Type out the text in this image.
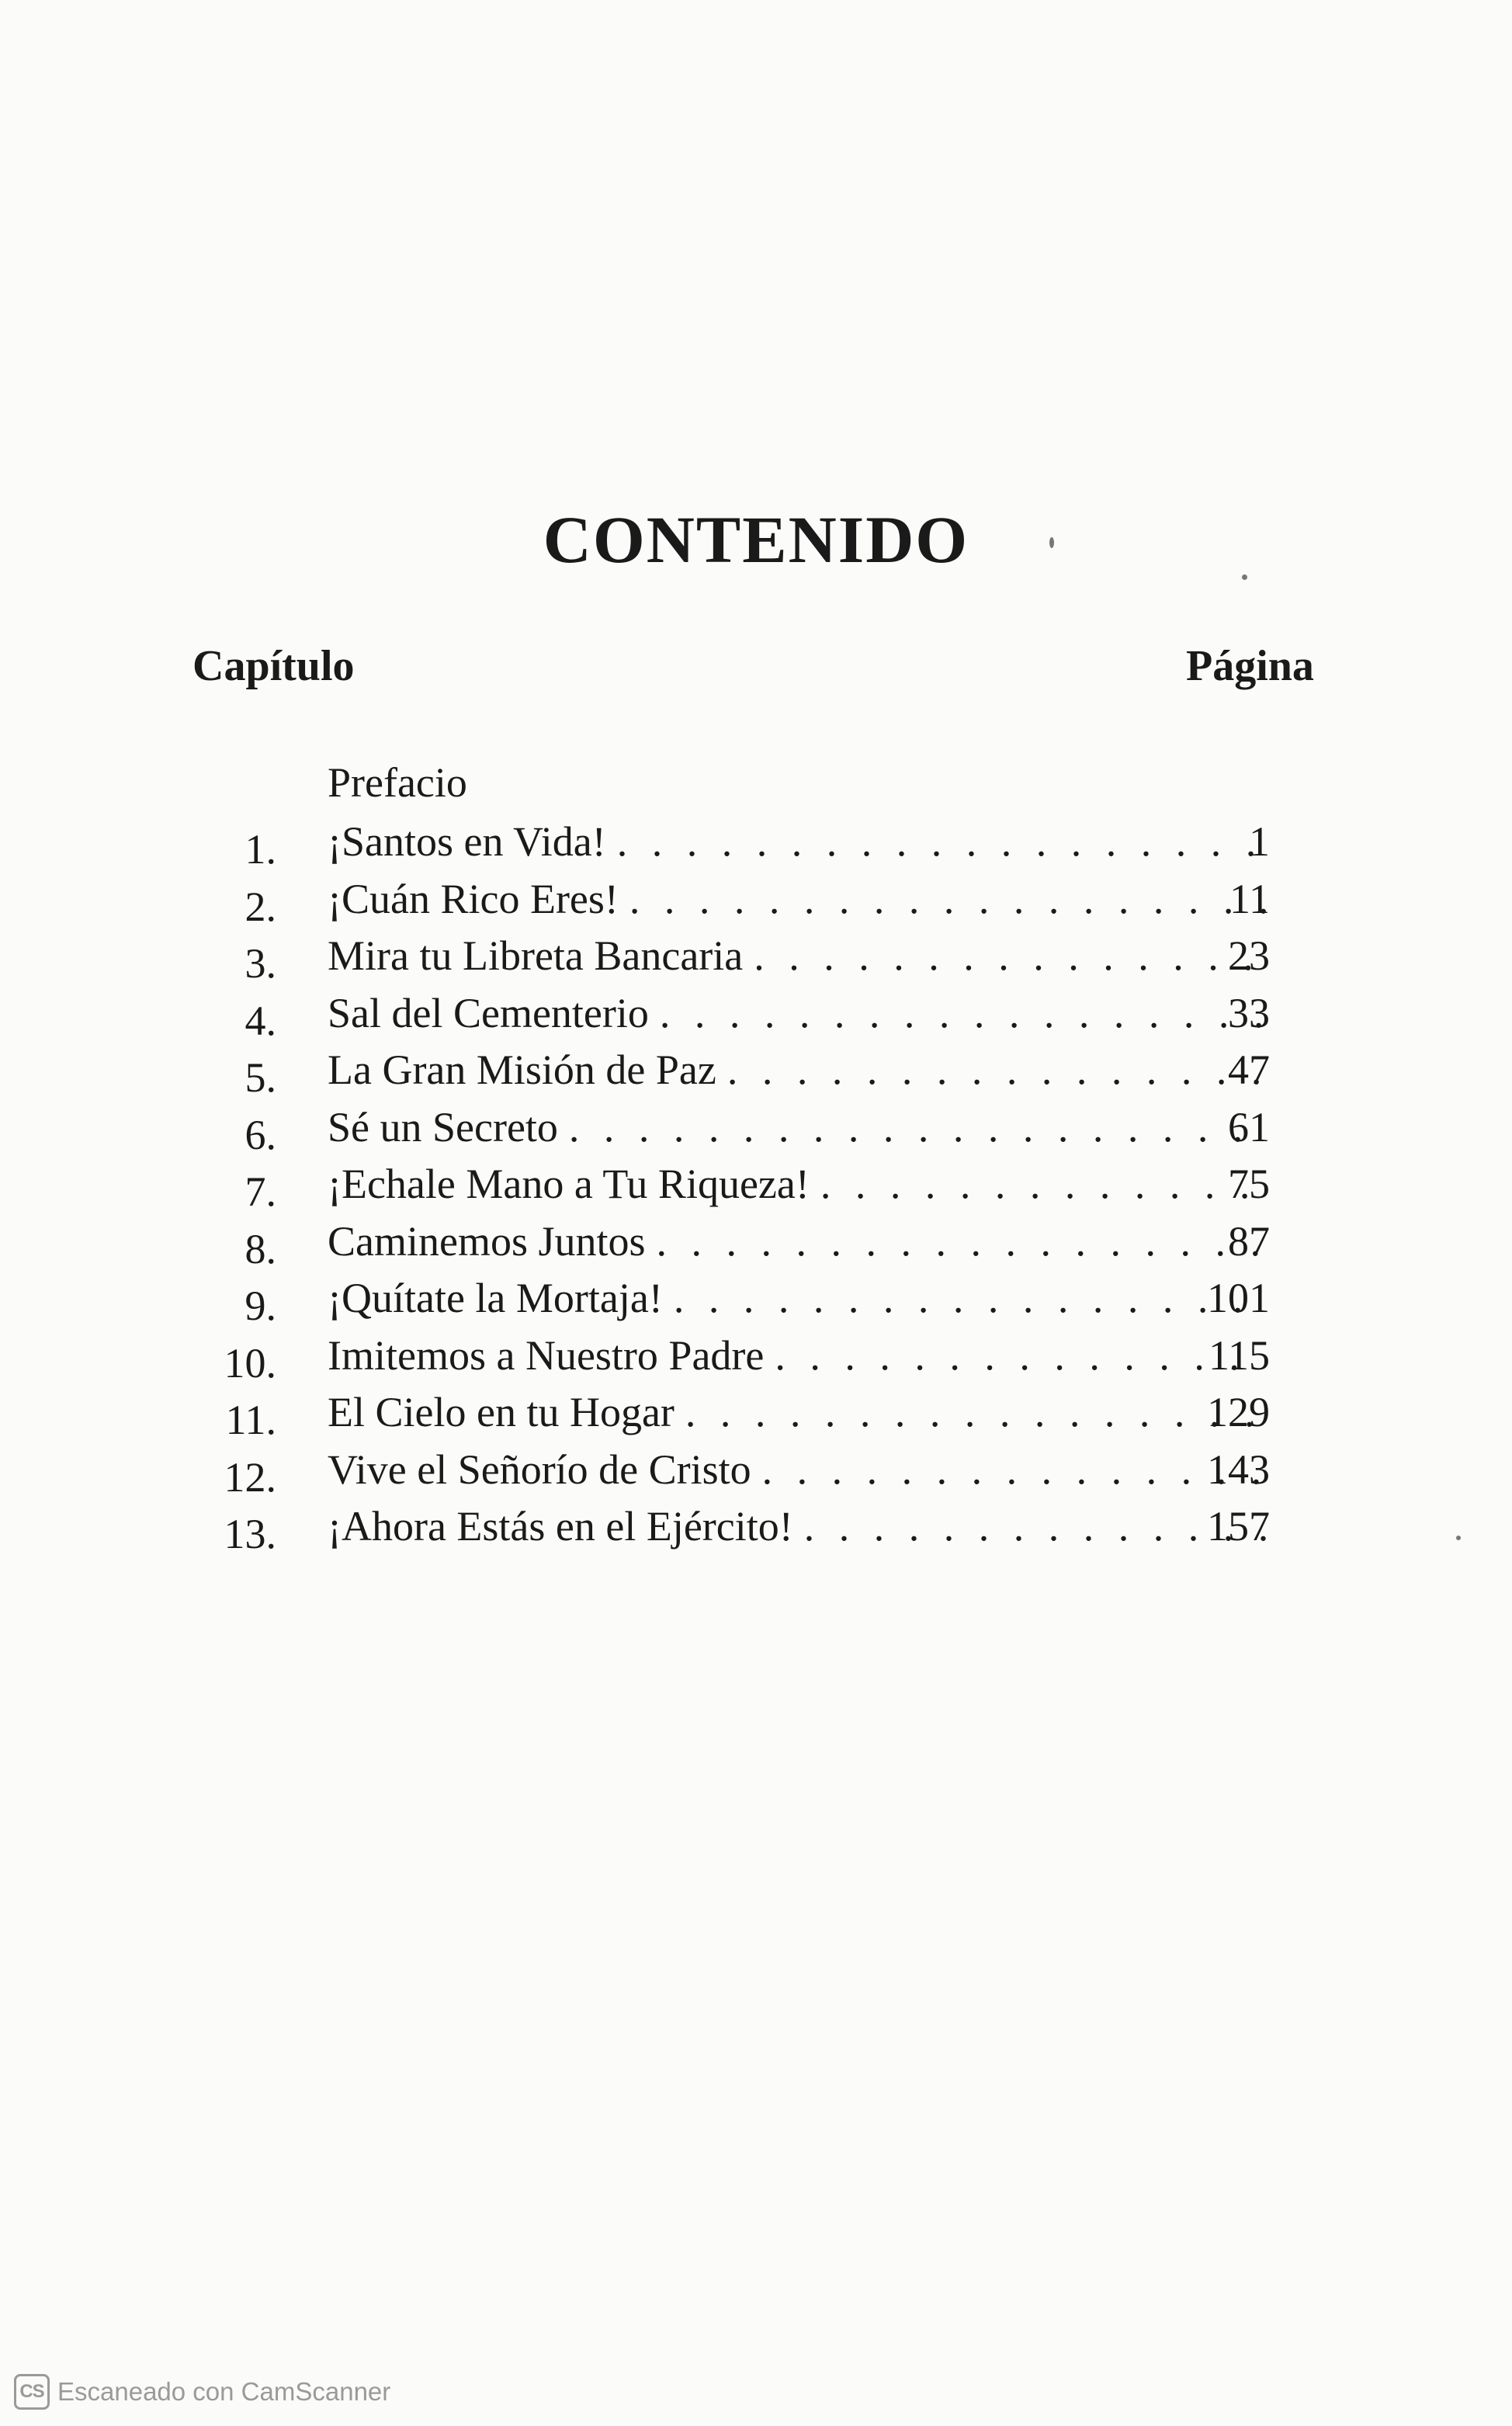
CONTENIDO
Capítulo	Página
Prefacio
1. ¡Santos en Vida! . . .	1
2. ¡Cuán Rico Eres! . . .	11
3. Mira tu Libreta Bancaria . . .	23
4. Sal del Cementerio . . .	33
5. La Gran Misión de Paz . . .	47
6. Sé un Secreto . . .	61
7. ¡Echale Mano a Tu Riqueza! . . .	75
8. Caminemos Juntos . . .	87
9. ¡Quítate la Mortaja! . . .	101
10. Imitemos a Nuestro Padre . . .	115
11. El Cielo en tu Hogar . . .	129
12. Vive el Señorío de Cristo . . .	143
13. ¡Ahora Estás en el Ejército! . . .	157
CS Escaneado con CamScanner
